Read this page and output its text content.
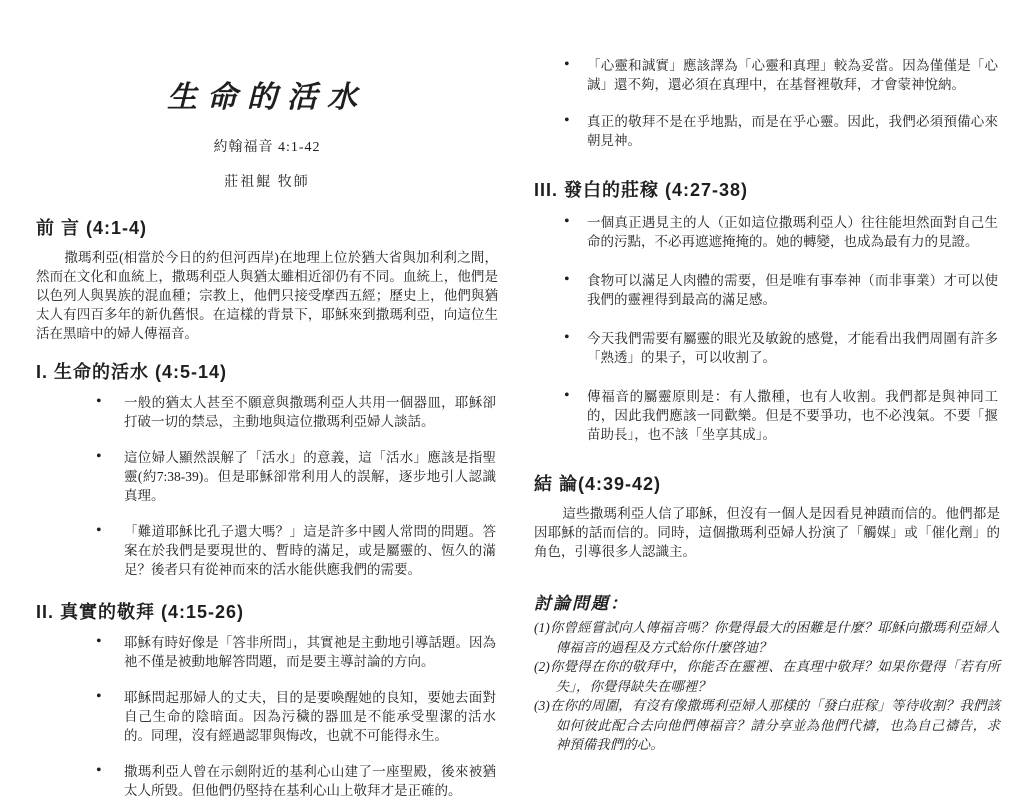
生命的活水
約翰福音 4:1-42
莊祖鯤 牧師
前 言 (4:1-4)

撒瑪利亞(相當於今日的約但河西岸)在地理上位於猶大省與加利利之間，然而在文化和血統上，撒瑪利亞人與猶太雖相近卻仍有不同。血統上，他們是以色列人與異族的混血種；宗教上，他們只接受摩西五經；歷史上，他們與猶太人有四百多年的新仇舊恨。在這樣的背景下，耶穌來到撒瑪利亞，向這位生活在黑暗中的婦人傳福音。

I. 生命的活水 (4:5-14)
• 一般的猶太人甚至不願意與撒瑪利亞人共用一個器皿，耶穌卻打破一切的禁忌，主動地與這位撒瑪利亞婦人談話。
• 這位婦人顯然誤解了「活水」的意義，這「活水」應該是指聖靈(約7:38-39)。但是耶穌卻常利用人的誤解，逐步地引人認識真理。
• 「難道耶穌比孔子還大嗎？」這是許多中國人常問的問題。答案在於我們是要現世的、暫時的滿足，或是屬靈的、恆久的滿足？後者只有從神而來的活水能供應我們的需要。
II. 真實的敬拜 (4:15-26)
• 耶穌有時好像是「答非所問」，其實祂是主動地引導話題。因為祂不僅是被動地解答問題，而是要主導討論的方向。
• 耶穌問起那婦人的丈夫，目的是要喚醒她的良知，要她去面對自己生命的陰暗面。因為污穢的器皿是不能承受聖潔的活水的。同理，沒有經過認罪與悔改，也就不可能得永生。
• 撒瑪利亞人曾在示劍附近的基利心山建了一座聖殿，後來被猶太人所毀。但他們仍堅持在基利心山上敬拜才是正確的。
• 「心靈和誠實」應該譯為「心靈和真理」較為妥當。因為僅僅是「心誠」還不夠，還必須在真理中，在基督裡敬拜，才會蒙神悅納。
• 真正的敬拜不是在乎地點，而是在乎心靈。因此，我們必須預備心來朝見神。
III. 發白的莊稼 (4:27-38)
• 一個真正遇見主的人（正如這位撒瑪利亞人）往往能坦然面對自己生命的污點，不必再遮遮掩掩的。她的轉變，也成為最有力的見證。
• 食物可以滿足人肉體的需要，但是唯有事奉神（而非事業）才可以使我們的靈裡得到最高的滿足感。
• 今天我們需要有屬靈的眼光及敏銳的感覺，才能看出我們周圍有許多「熟透」的果子，可以收割了。
• 傳福音的屬靈原則是：有人撒種，也有人收割。我們都是與神同工的，因此我們應該一同歡樂。但是不要爭功，也不必洩氣。不要「揠苗助長」，也不該「坐享其成」。
結 論(4:39-42)

這些撒瑪利亞人信了耶穌，但沒有一個人是因看見神蹟而信的。他們都是因耶穌的話而信的。同時，這個撒瑪利亞婦人扮演了「觸媒」或「催化劑」的角色，引導很多人認識主。

討論問題：
(1)你曾經嘗試向人傳福音嗎？你覺得最大的困難是什麼？耶穌向撒瑪利亞婦人傳福音的過程及方式給你什麼啓迪？
(2)你覺得在你的敬拜中，你能否在靈裡、在真理中敬拜？如果你覺得「若有所失」，你覺得缺失在哪裡？
(3)在你的周圍，有沒有像撒瑪利亞婦人那樣的「發白莊稼」等待收割？我們該如何彼此配合去向他們傳福音？請分享並為他們代禱，也為自己禱告，求神預備我們的心。
